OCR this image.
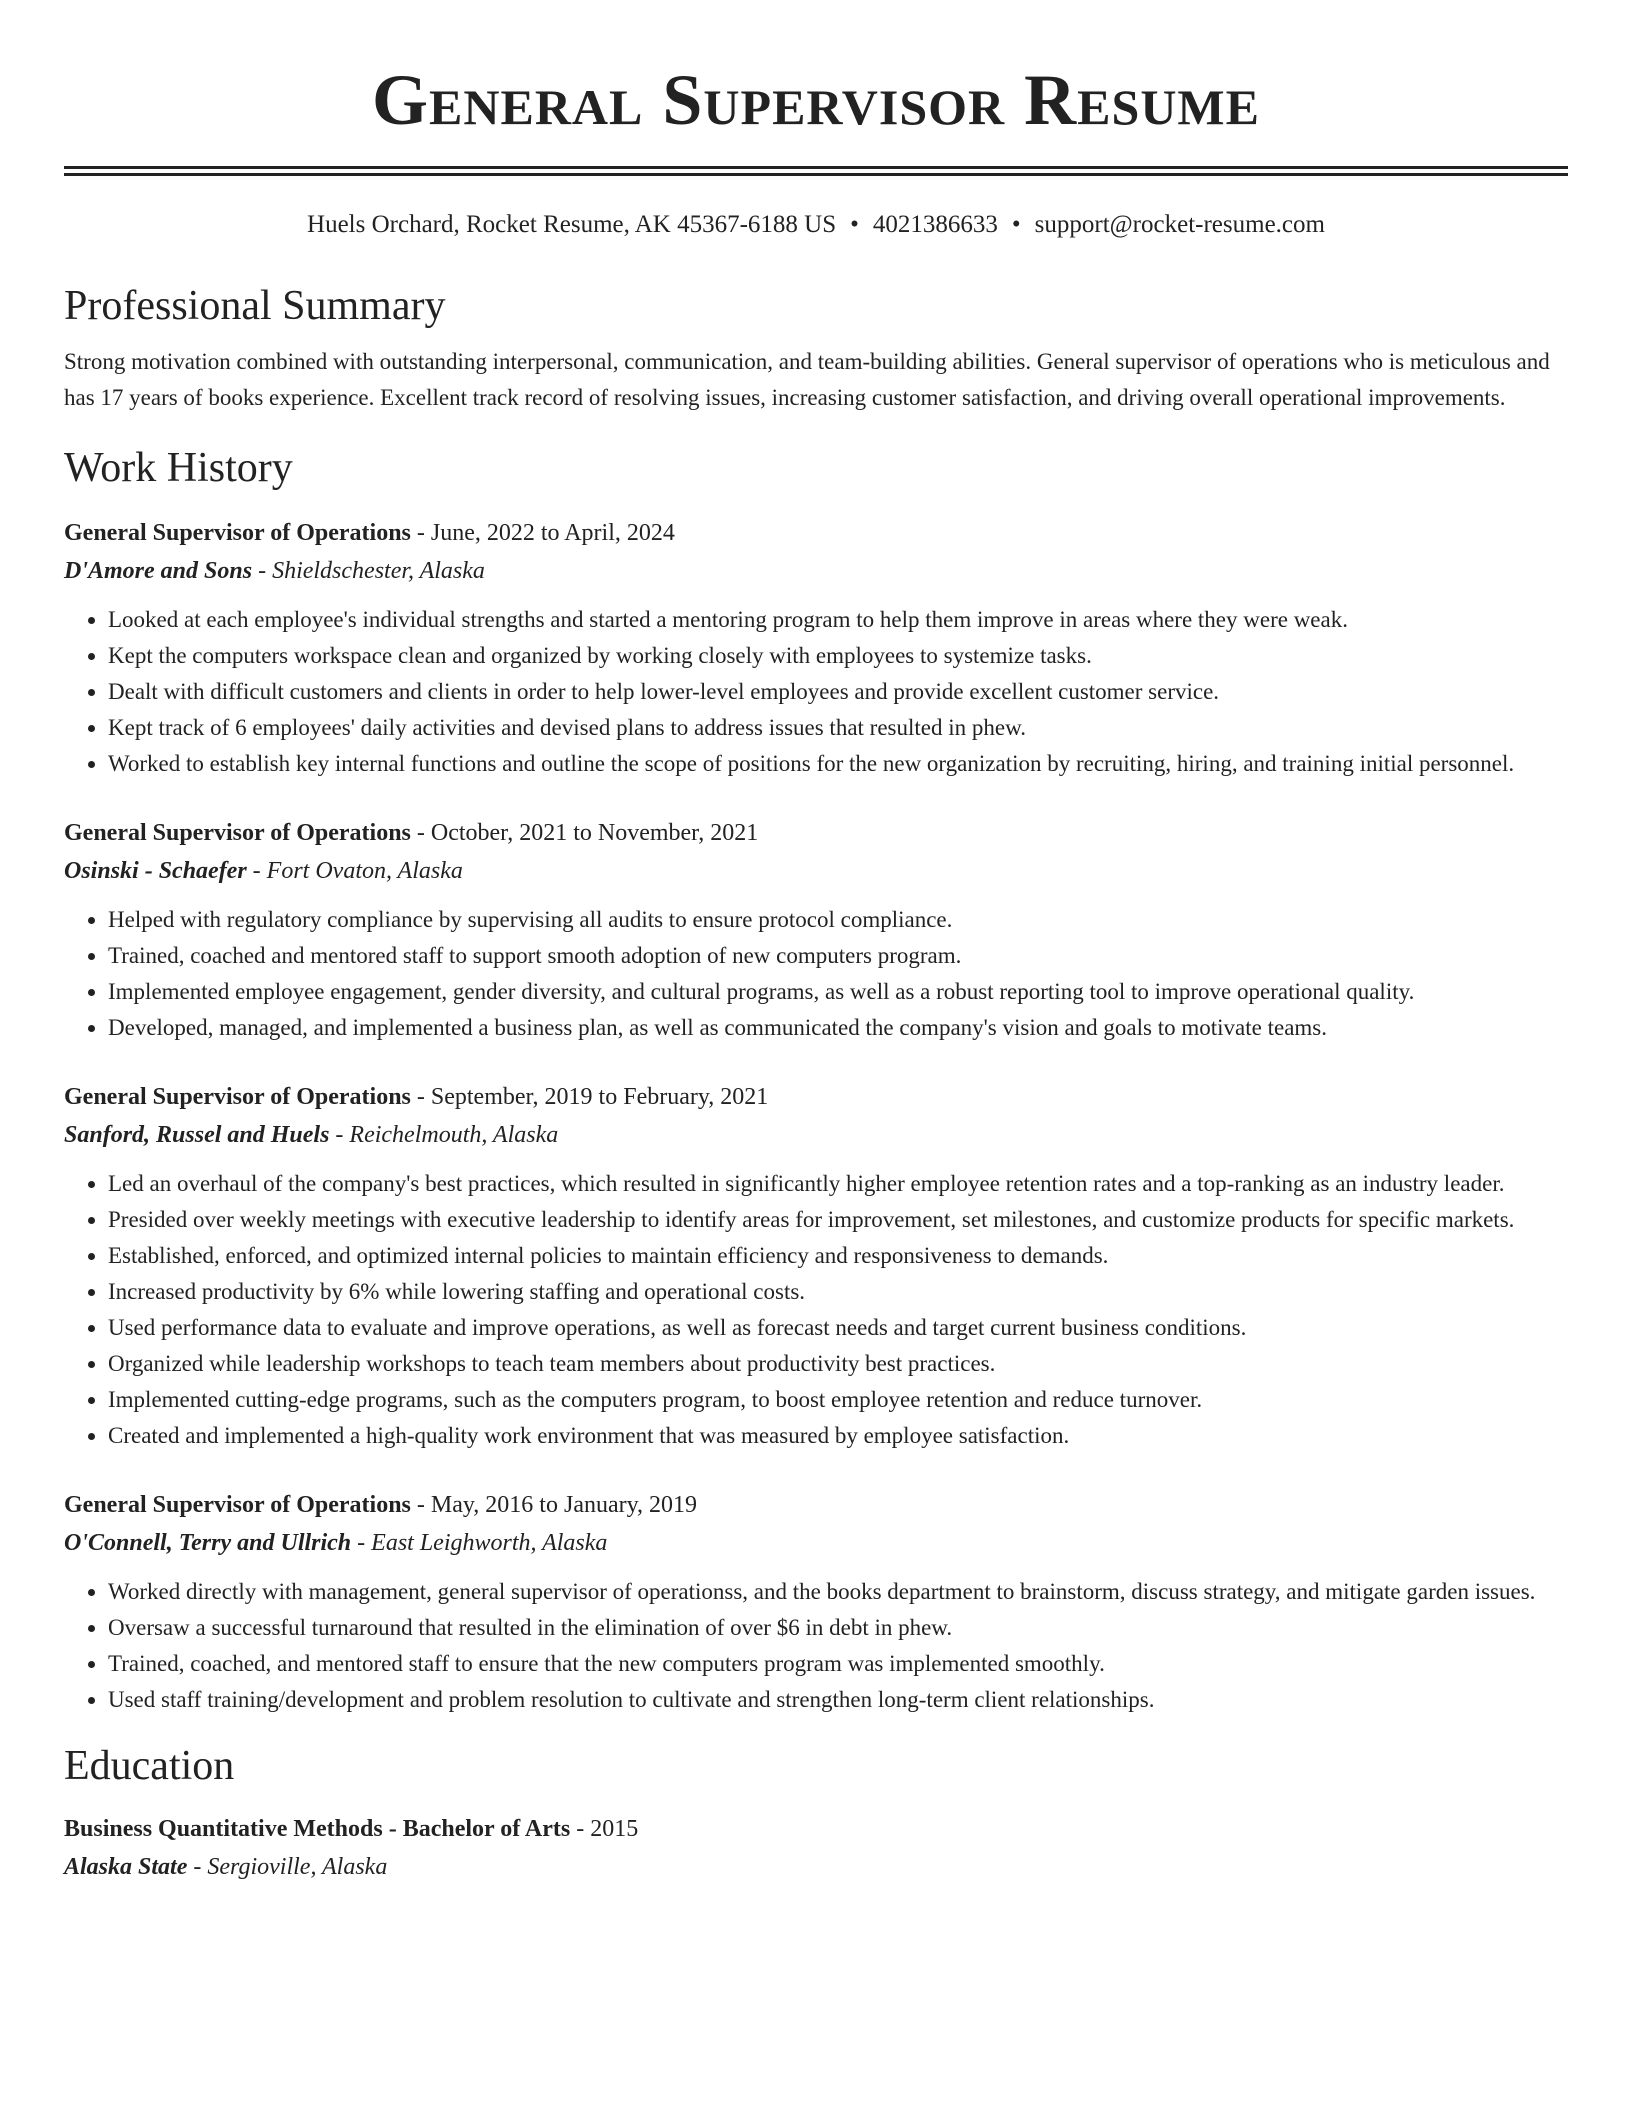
General Supervisor Resume
Huels Orchard, Rocket Resume, AK 45367-6188 US • 4021386633 • support@rocket-resume.com
Professional Summary
Strong motivation combined with outstanding interpersonal, communication, and team-building abilities. General supervisor of operations who is meticulous and has 17 years of books experience. Excellent track record of resolving issues, increasing customer satisfaction, and driving overall operational improvements.
Work History
General Supervisor of Operations - June, 2022 to April, 2024
D'Amore and Sons - Shieldschester, Alaska
• Looked at each employee's individual strengths and started a mentoring program to help them improve in areas where they were weak.
• Kept the computers workspace clean and organized by working closely with employees to systemize tasks.
• Dealt with difficult customers and clients in order to help lower-level employees and provide excellent customer service.
• Kept track of 6 employees' daily activities and devised plans to address issues that resulted in phew.
• Worked to establish key internal functions and outline the scope of positions for the new organization by recruiting, hiring, and training initial personnel.
General Supervisor of Operations - October, 2021 to November, 2021
Osinski - Schaefer - Fort Ovaton, Alaska
• Helped with regulatory compliance by supervising all audits to ensure protocol compliance.
• Trained, coached and mentored staff to support smooth adoption of new computers program.
• Implemented employee engagement, gender diversity, and cultural programs, as well as a robust reporting tool to improve operational quality.
• Developed, managed, and implemented a business plan, as well as communicated the company's vision and goals to motivate teams.
General Supervisor of Operations - September, 2019 to February, 2021
Sanford, Russel and Huels - Reichelmouth, Alaska
• Led an overhaul of the company's best practices, which resulted in significantly higher employee retention rates and a top-ranking as an industry leader.
• Presided over weekly meetings with executive leadership to identify areas for improvement, set milestones, and customize products for specific markets.
• Established, enforced, and optimized internal policies to maintain efficiency and responsiveness to demands.
• Increased productivity by 6% while lowering staffing and operational costs.
• Used performance data to evaluate and improve operations, as well as forecast needs and target current business conditions.
• Organized while leadership workshops to teach team members about productivity best practices.
• Implemented cutting-edge programs, such as the computers program, to boost employee retention and reduce turnover.
• Created and implemented a high-quality work environment that was measured by employee satisfaction.
General Supervisor of Operations - May, 2016 to January, 2019
O'Connell, Terry and Ullrich - East Leighworth, Alaska
• Worked directly with management, general supervisor of operationss, and the books department to brainstorm, discuss strategy, and mitigate garden issues.
• Oversaw a successful turnaround that resulted in the elimination of over $6 in debt in phew.
• Trained, coached, and mentored staff to ensure that the new computers program was implemented smoothly.
• Used staff training/development and problem resolution to cultivate and strengthen long-term client relationships.
Education
Business Quantitative Methods - Bachelor of Arts - 2015
Alaska State - Sergioville, Alaska
